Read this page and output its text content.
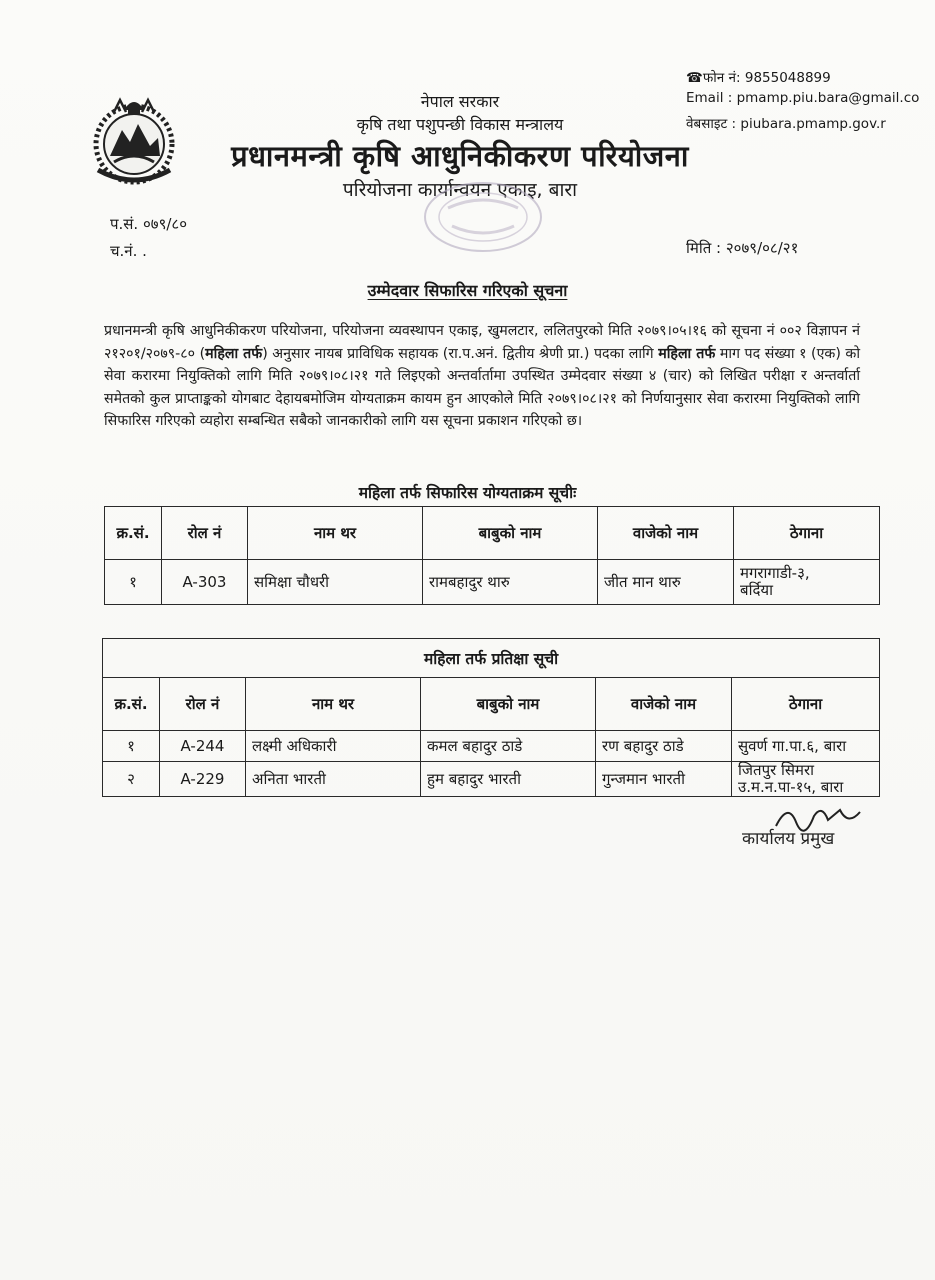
नेपाल सरकार
कृषि तथा पशुपन्छी विकास मन्त्रालय
प्रधानमन्त्री कृषि आधुनिकीकरण परियोजना
परियोजना कार्यान्वयन एकाइ, बारा
☎फोन नं: 9855048899
Email : pmamp.piu.bara@gmail.co
वेबसाइट : piubara.pmamp.gov.r
प.सं. ०७९/८०
च.नं. .	मिति : २०७९/०८/२१
उम्मेदवार सिफारिस गरिएको सूचना

प्रधानमन्त्री कृषि आधुनिकीकरण परियोजना, परियोजना व्यवस्थापन एकाइ, खुमलटार, ललितपुरको मिति २०७९।०५।१६ को सूचना नं ००२ विज्ञापन नं २१२०१/२०७९-८० (महिला तर्फ) अनुसार नायब प्राविधिक सहायक (रा.प.अनं. द्वितीय श्रेणी प्रा.) पदका लागि महिला तर्फ माग पद संख्या १ (एक) को सेवा करारमा नियुक्तिको लागि मिति २०७९।०८।२१ गते लिइएको अन्तर्वार्तामा उपस्थित उम्मेदवार संख्या ४ (चार) को लिखित परीक्षा र अन्तर्वार्ता समेतको कुल प्राप्ताङ्कको योगबाट देहायबमोजिम योग्यताक्रम कायम हुन आएकोले मिति २०७९।०८।२१ को निर्णयानुसार सेवा करारमा नियुक्तिको लागि सिफारिस गरिएको व्यहोरा सम्बन्धित सबैको जानकारीको लागि यस सूचना प्रकाशन गरिएको छ।

महिला तर्फ सिफारिस योग्यताक्रम सूचीः
क्र.सं.	रोल नं	नाम थर	बाबुको नाम	वाजेको नाम	ठेगाना
१	A-303	समिक्षा चौधरी	रामबहादुर थारु	जीत मान थारु	मगरागाडी-३,
बर्दिया
महिला तर्फ प्रतिक्षा सूची					
क्र.सं.	रोल नं	नाम थर	बाबुको नाम	वाजेको नाम	ठेगाना
१	A-244	लक्ष्मी अधिकारी	कमल बहादुर ठाडे	रण बहादुर ठाडे	सुवर्ण गा.पा.६, बारा
२	A-229	अनिता भारती	हुम बहादुर भारती	गुन्जमान भारती	जितपुर सिमरा
उ.म.न.पा-१५, बारा
कार्यालय प्रमुख
